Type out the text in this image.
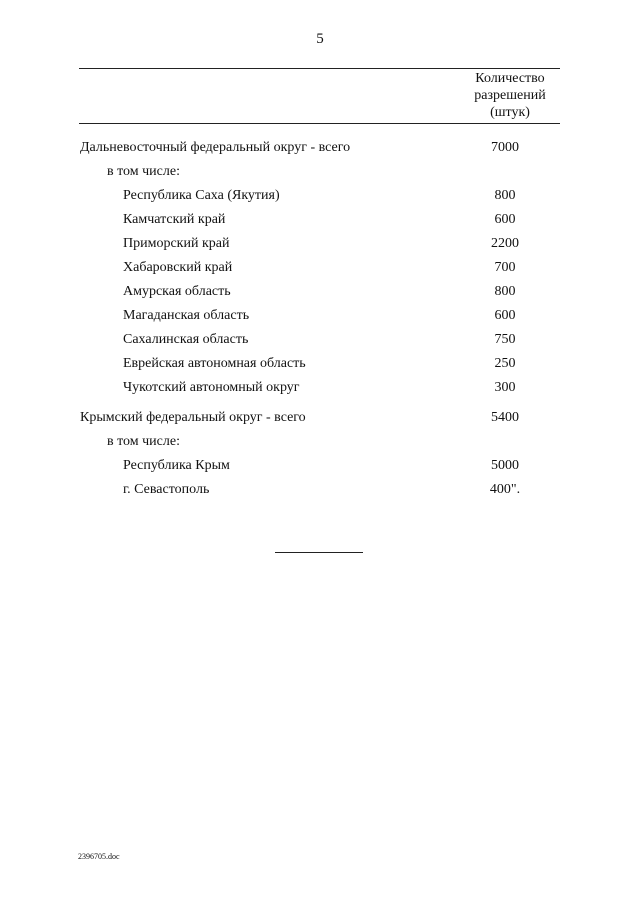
5
Количество
разрешений
(штук)
Дальневосточный федеральный округ - всего	7000
в том числе:
Республика Саха (Якутия)	800
Камчатский край	600
Приморский край	2200
Хабаровский край	700
Амурская область	800
Магаданская область	600
Сахалинская область	750
Еврейская автономная область	250
Чукотский автономный округ	300
Крымский федеральный округ - всего	5400
в том числе:
Республика Крым	5000
г. Севастополь	400".
2396705.doc
